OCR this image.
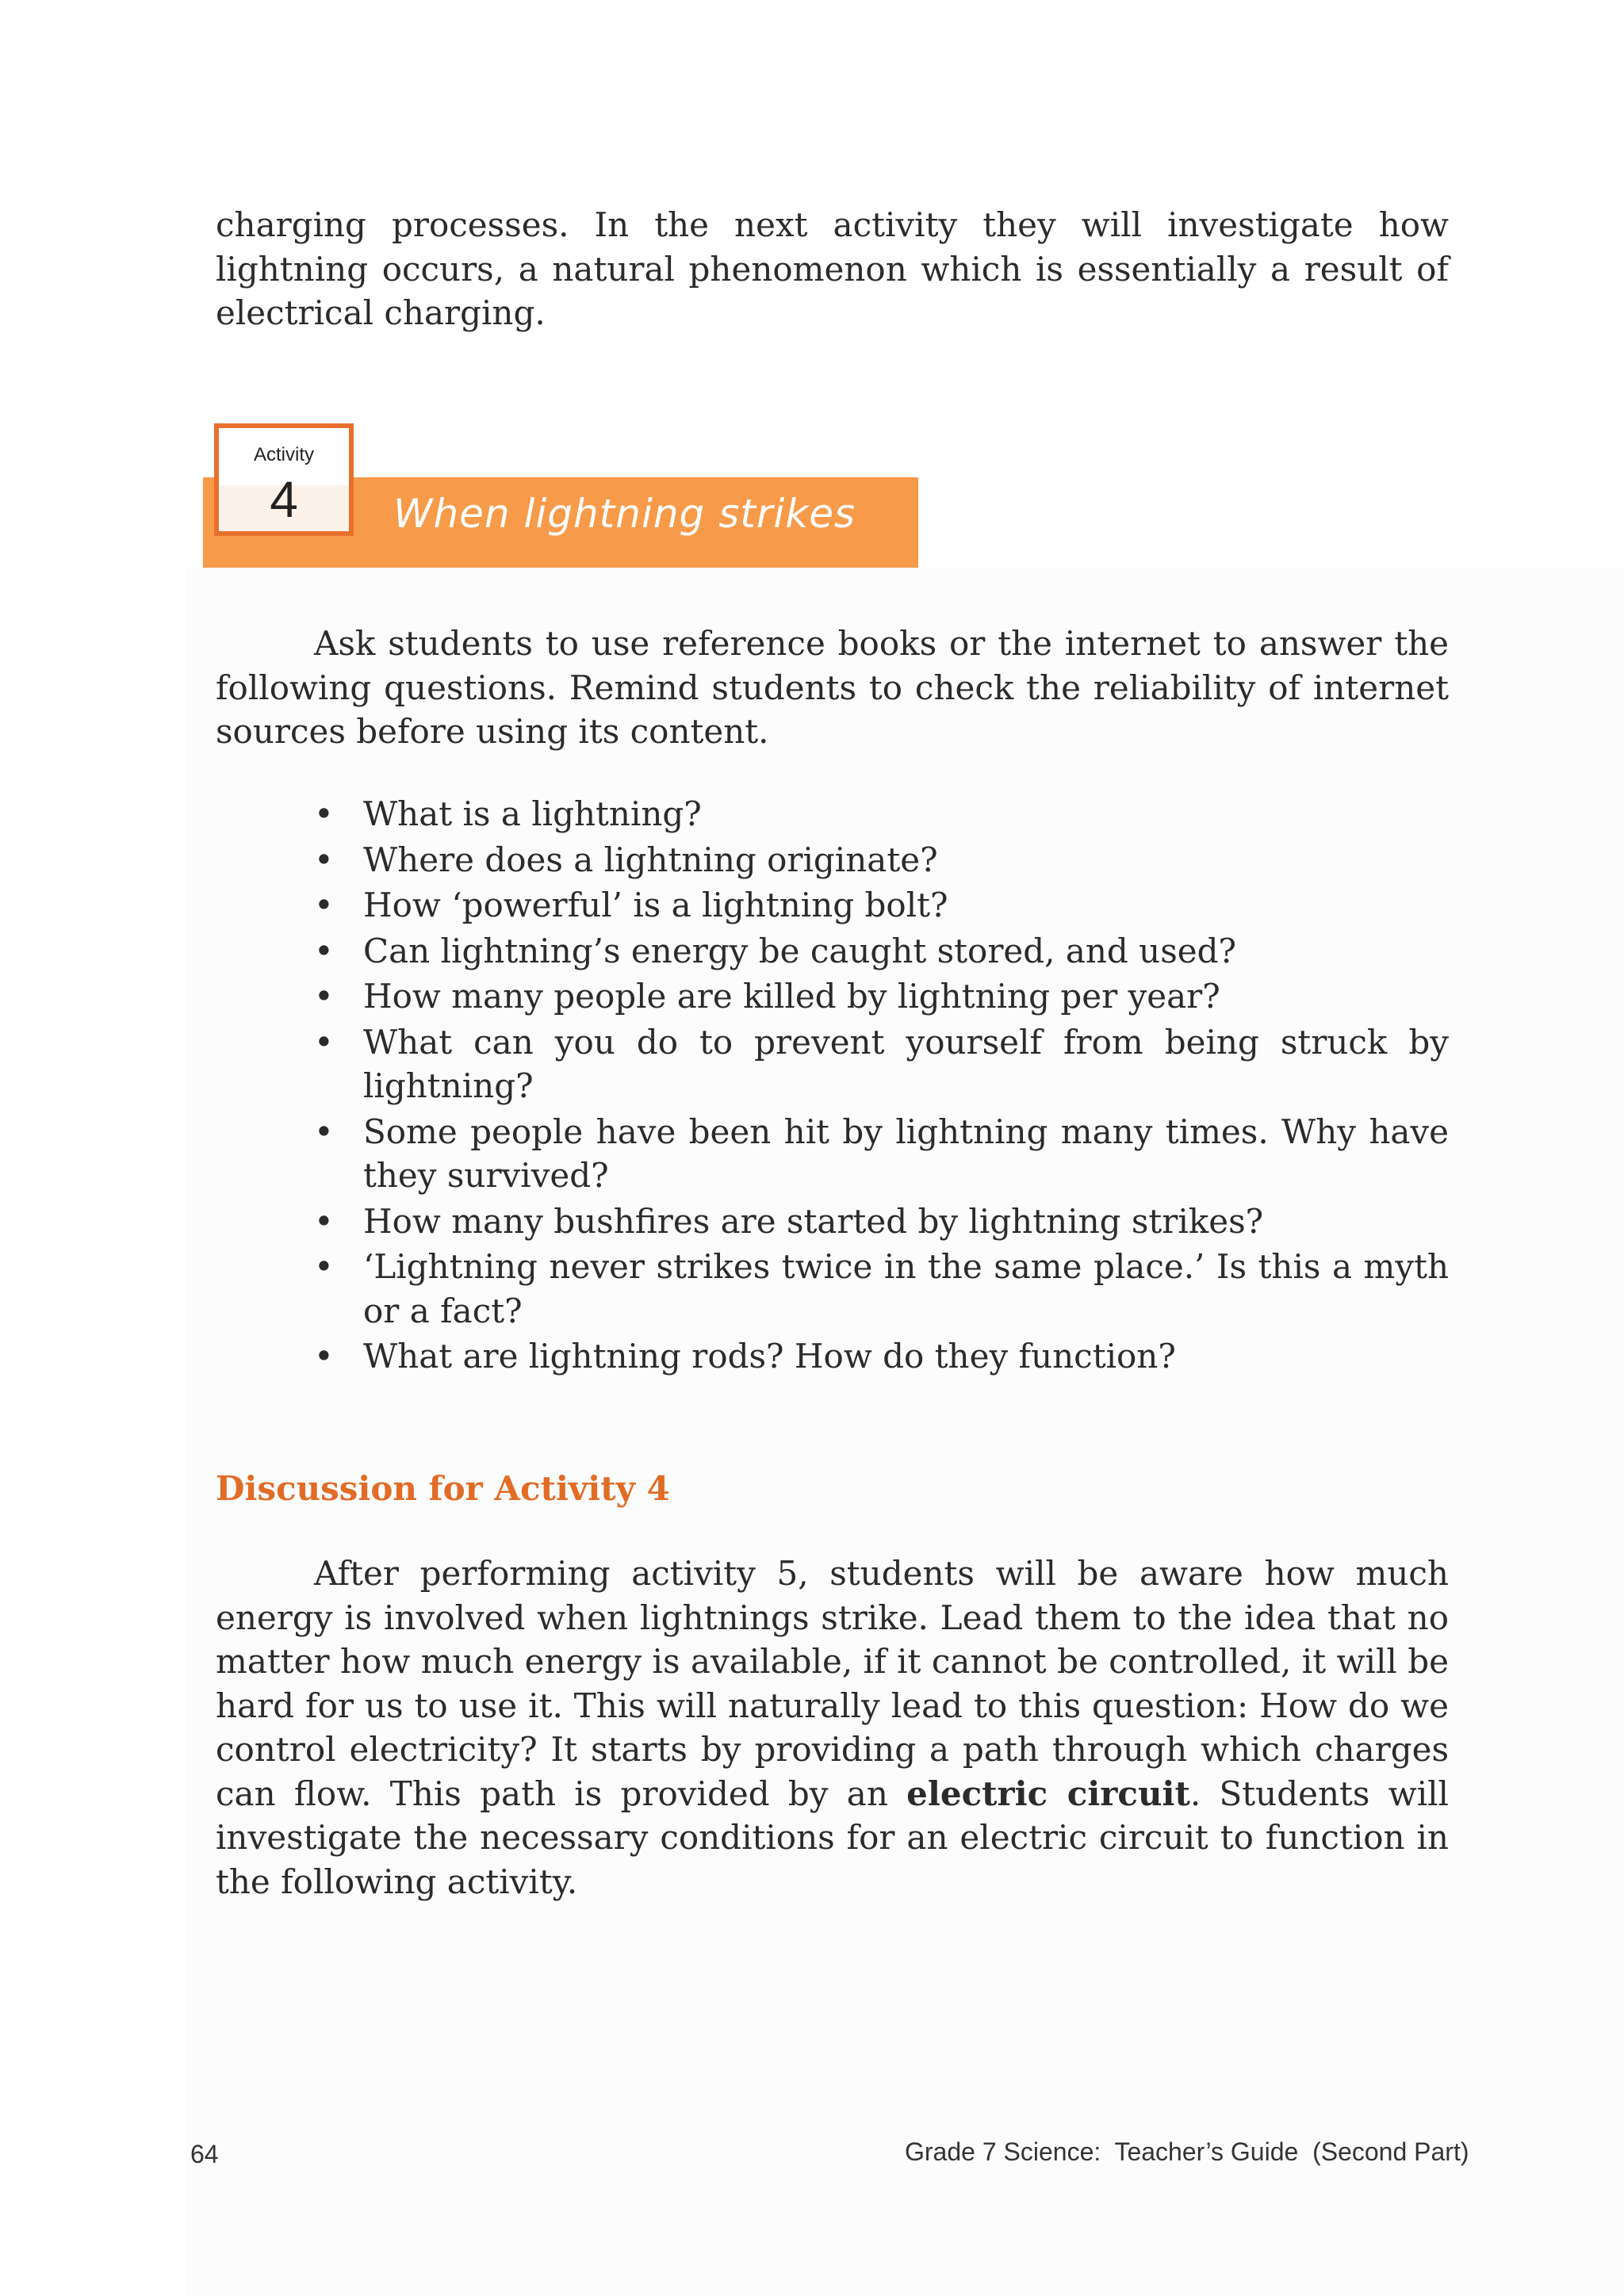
charging processes. In the next activity they will investigate how lightning occurs, a natural phenomenon which is essentially a result of electrical charging.

Activity
4	When lightning strikes

Ask students to use reference books or the internet to answer the following questions. Remind students to check the reliability of internet sources before using its content.

• What is a lightning?
• Where does a lightning originate?
• How ‘powerful’ is a lightning bolt?
• Can lightning’s energy be caught stored, and used?
• How many people are killed by lightning per year?
• What can you do to prevent yourself from being struck by lightning?
• Some people have been hit by lightning many times. Why have they survived?
• How many bushfires are started by lightning strikes?
• ‘Lightning never strikes twice in the same place.’ Is this a myth or a fact?
• What are lightning rods? How do they function?
Discussion for Activity 4

After performing activity 5, students will be aware how much energy is involved when lightnings strike. Lead them to the idea that no matter how much energy is available, if it cannot be controlled, it will be hard for us to use it. This will naturally lead to this question: How do we control electricity? It starts by providing a path through which charges can flow. This path is provided by an electric circuit. Students will investigate the necessary conditions for an electric circuit to function in the following activity.

64	Grade 7 Science:  Teacher’s Guide  (Second Part)
